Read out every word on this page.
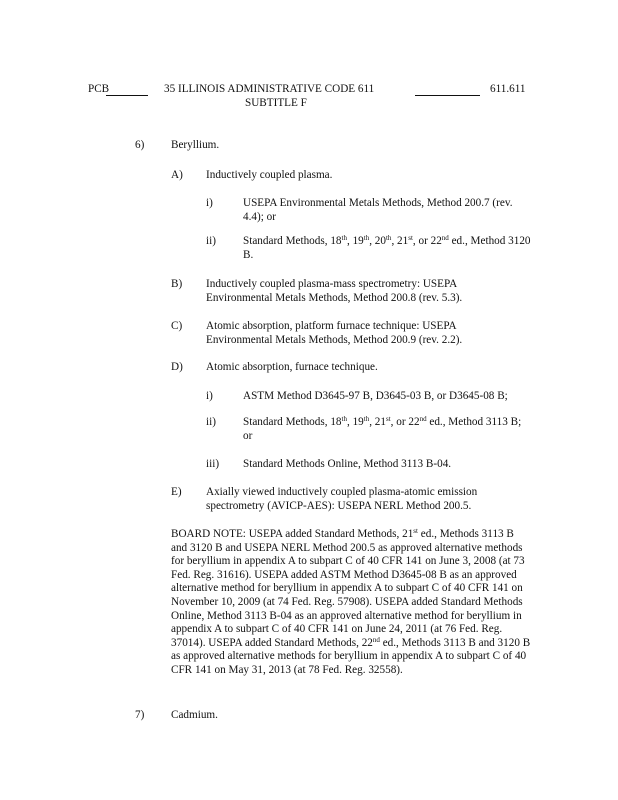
PCB	35 ILLINOIS ADMINISTRATIVE CODE 611	611.611
SUBTITLE F
6) Beryllium.
A) Inductively coupled plasma.
i)	USEPA Environmental Metals Methods, Method 200.7 (rev. 4.4); or
ii) Standard Methods, 18th, 19th, 20th, 21st, or 22nd ed., Method 3120 B.
B) Inductively coupled plasma-mass spectrometry: USEPA Environmental Metals Methods, Method 200.8 (rev. 5.3).
C) Atomic absorption, platform furnace technique: USEPA Environmental Metals Methods, Method 200.9 (rev. 2.2).
D) Atomic absorption, furnace technique.
i)	ASTM Method D3645-97 B, D3645-03 B, or D3645-08 B;
ii) Standard Methods, 18th, 19th, 21st, or 22nd ed., Method 3113 B; or
iii) Standard Methods Online, Method 3113 B-04.
E) Axially viewed inductively coupled plasma-atomic emission spectrometry (AVICP-AES): USEPA NERL Method 200.5.
BOARD NOTE: USEPA added Standard Methods, 21st ed., Methods 3113 B and 3120 B and USEPA NERL Method 200.5 as approved alternative methods for beryllium in appendix A to subpart C of 40 CFR 141 on June 3, 2008 (at 73 Fed. Reg. 31616). USEPA added ASTM Method D3645-08 B as an approved alternative method for beryllium in appendix A to subpart C of 40 CFR 141 on November 10, 2009 (at 74 Fed. Reg. 57908). USEPA added Standard Methods Online, Method 3113 B-04 as an approved alternative method for beryllium in appendix A to subpart C of 40 CFR 141 on June 24, 2011 (at 76 Fed. Reg. 37014). USEPA added Standard Methods, 22nd ed., Methods 3113 B and 3120 B as approved alternative methods for beryllium in appendix A to subpart C of 40 CFR 141 on May 31, 2013 (at 78 Fed. Reg. 32558).
7) Cadmium.
